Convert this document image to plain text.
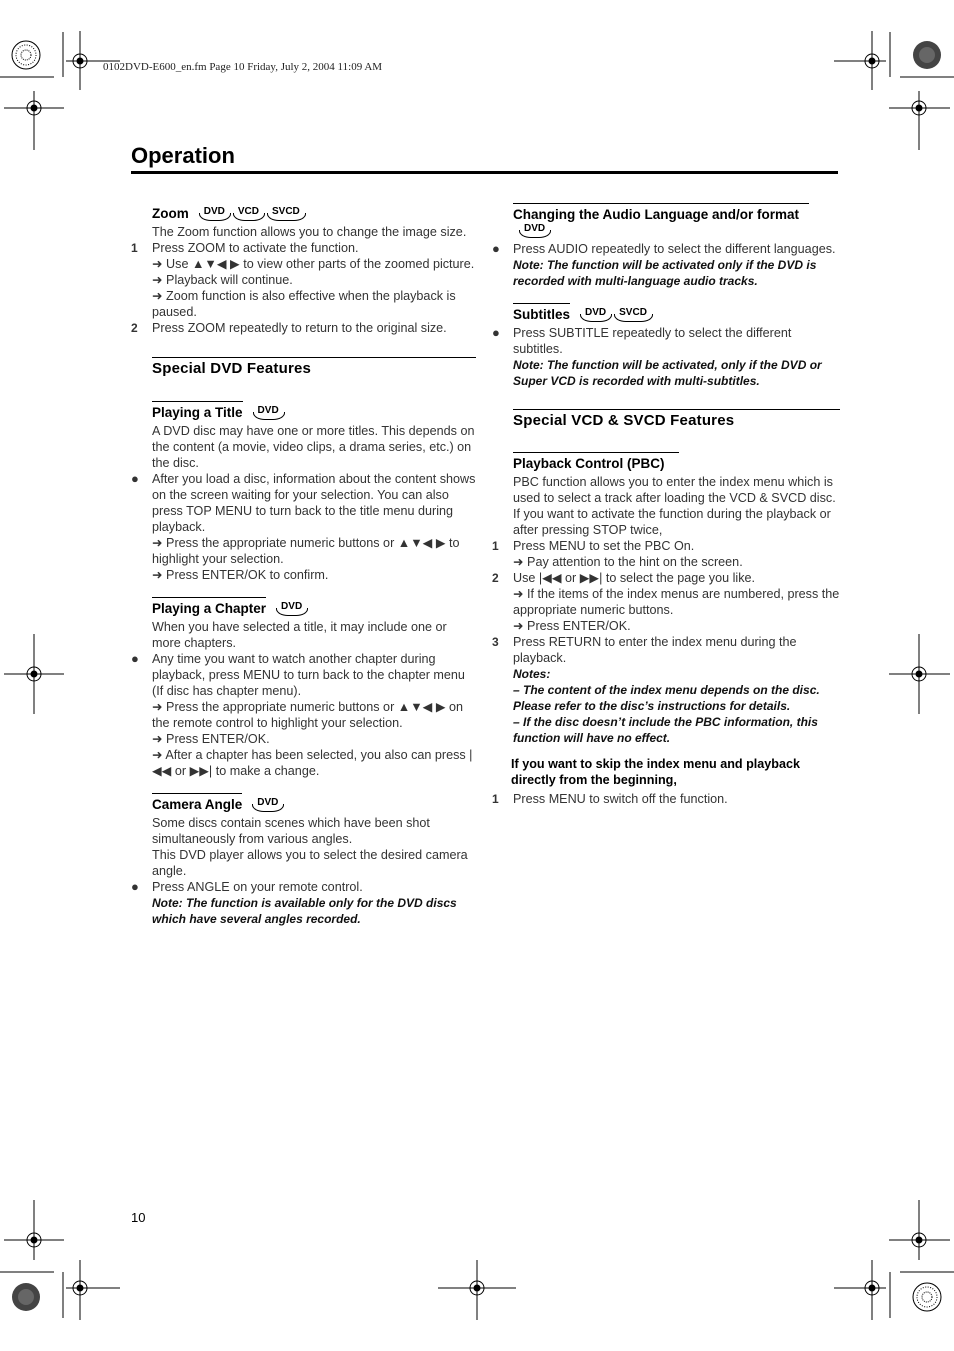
0102DVD-E600_en.fm Page 10 Friday, July 2, 2004 11:09 AM
Operation
Zoom DVD VCD SVCD
The Zoom function allows you to change the image size.
1 Press ZOOM to activate the function.
➜ Use ▲▼◀ ▶ to view other parts of the zoomed picture.
➜ Playback will continue.
➜ Zoom function is also effective when the playback is paused.
2 Press ZOOM repeatedly to return to the original size.
Special DVD Features
Playing a Title DVD
A DVD disc may have one or more titles. This depends on the content (a movie, video clips, a drama series, etc.) on the disc.
● After you load a disc, information about the content shows on the screen waiting for your selection. You can also press TOP MENU to turn back to the title menu during playback.
➜ Press the appropriate numeric buttons or ▲▼◀ ▶ to highlight your selection.
➜ Press ENTER/OK to confirm.
Playing a Chapter DVD
When you have selected a title, it may include one or more chapters.
● Any time you want to watch another chapter during playback, press MENU to turn back to the chapter menu (If disc has chapter menu).
➜ Press the appropriate numeric buttons or ▲▼◀ ▶ on the remote control to highlight your selection.
➜ Press ENTER/OK.
➜ After a chapter has been selected, you also can press |◀◀ or ▶▶| to make a change.
Camera Angle DVD
Some discs contain scenes which have been shot simultaneously from various angles.
This DVD player allows you to select the desired camera angle.
● Press ANGLE on your remote control.
Note: The function is available only for the DVD discs which have several angles recorded.
Changing the Audio Language and/or format
DVD
● Press AUDIO repeatedly to select the different languages.
Note: The function will be activated only if the DVD is recorded with multi-language audio tracks.
Subtitles DVD SVCD
● Press SUBTITLE repeatedly to select the different subtitles.
Note: The function will be activated, only if the DVD or Super VCD is recorded with multi-subtitles.
Special VCD & SVCD Features
Playback Control (PBC)
PBC function allows you to enter the index menu which is used to select a track after loading the VCD & SVCD disc. If you want to activate the function during the playback or after pressing STOP twice,
1 Press MENU to set the PBC On.
➜ Pay attention to the hint on the screen.
2 Use |◀◀ or ▶▶| to select the page you like.
➜ If the items of the index menus are numbered, press the appropriate numeric buttons.
➜ Press ENTER/OK.
3 Press RETURN to enter the index menu during the playback.
Notes:
– The content of the index menu depends on the disc. Please refer to the disc’s instructions for details.
– If the disc doesn’t include the PBC information, this function will have no effect.
If you want to skip the index menu and playback directly from the beginning,
1 Press MENU to switch off the function.
10
